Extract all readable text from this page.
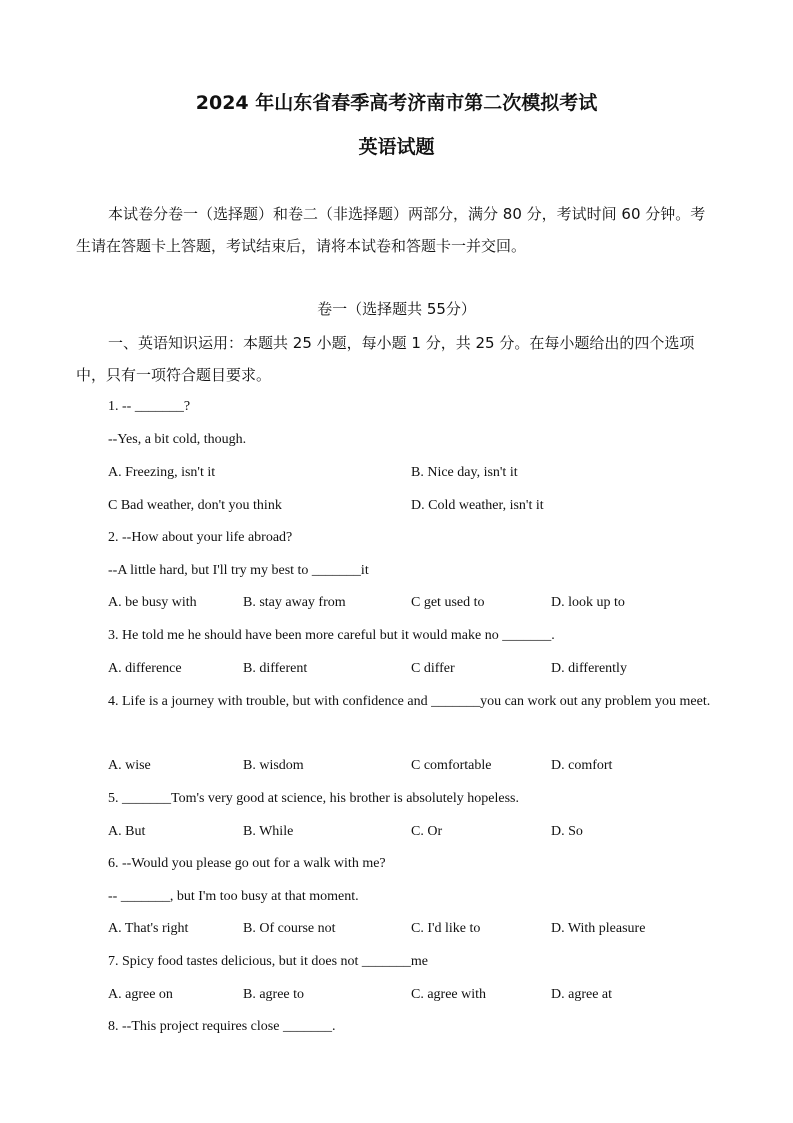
2024 年山东省春季高考济南市第二次模拟考试
英语试题
本试卷分卷一（选择题）和卷二（非选择题）两部分，满分 80 分，考试时间 60 分钟。考生请在答题卡上答题，考试结束后，请将本试卷和答题卡一并交回。
卷一（选择题共 55分）
一、英语知识运用：本题共 25 小题，每小题 1 分，共 25 分。在每小题给出的四个选项中，只有一项符合题目要求。
1. -- _______?
--Yes, a bit cold, though.
A. Freezing, isn't it	B. Nice day, isn't it
C Bad weather, don't you think	D. Cold weather, isn't it
2. --How about your life abroad?
--A little hard, but I'll try my best to _______it
A. be busy with	B. stay away from	C get used to	D. look up to
3. He told me he should have been more careful but it would make no _______.
A. difference	B. different	C differ	D. differently
4. Life is a journey with trouble, but with confidence and _______you can work out any problem you meet.
A. wise	B. wisdom	C comfortable	D. comfort
5. _______Tom's very good at science, his brother is absolutely hopeless.
A. But	B. While	C. Or	D. So
6. --Would you please go out for a walk with me?
-- _______, but I'm too busy at that moment.
A. That's right	B. Of course not	C. I'd like to	D. With pleasure
7. Spicy food tastes delicious, but it does not _______me
A. agree on	B. agree to	C. agree with	D. agree at
8. --This project requires close _______.
